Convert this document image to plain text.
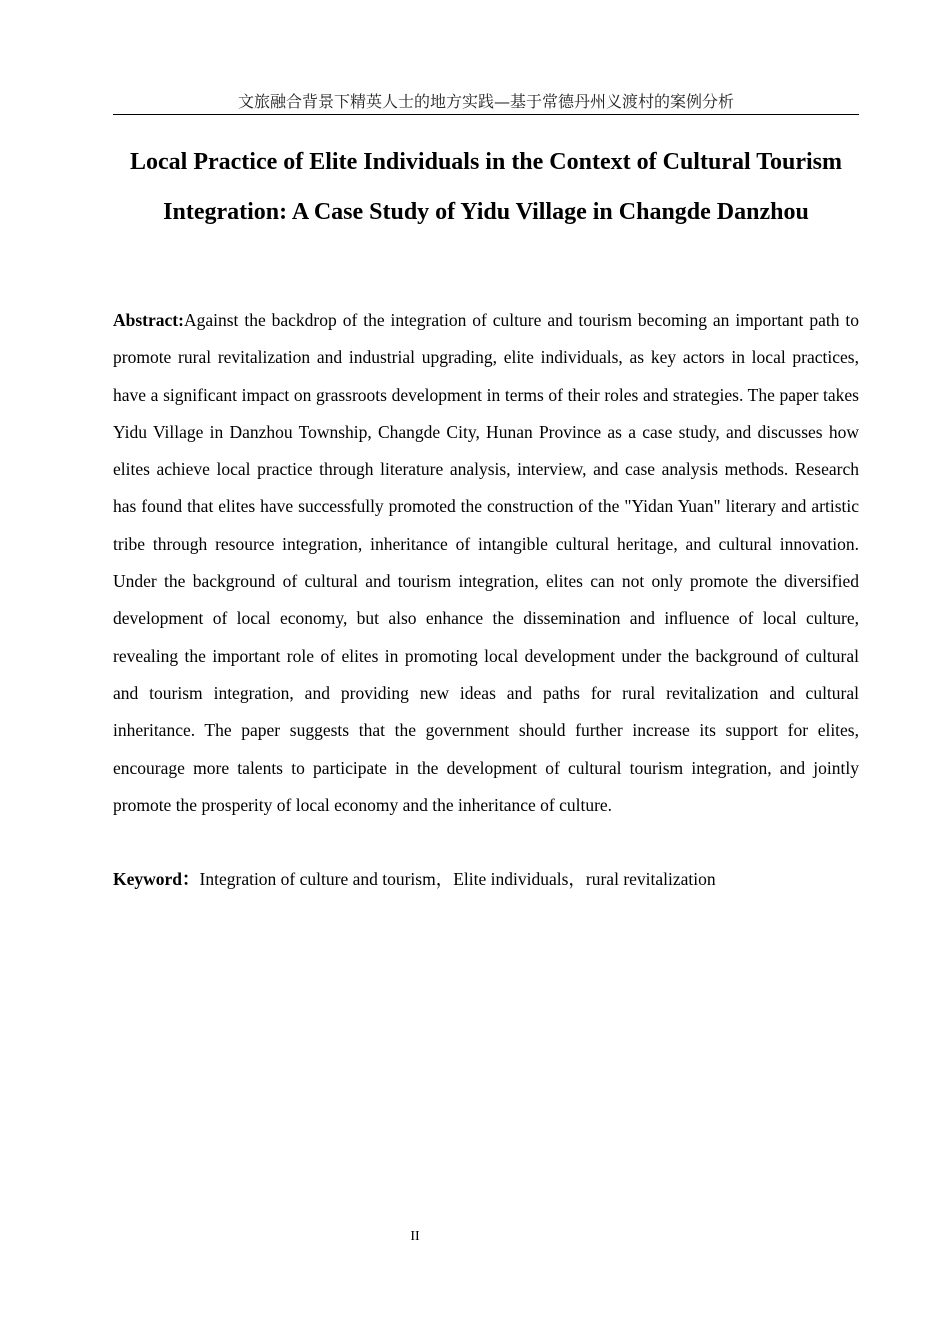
文旅融合背景下精英人士的地方实践—基于常德丹州义渡村的案例分析
Local Practice of Elite Individuals in the Context of Cultural Tourism Integration: A Case Study of Yidu Village in Changde Danzhou

Abstract:Against the backdrop of the integration of culture and tourism becoming an important path to promote rural revitalization and industrial upgrading, elite individuals, as key actors in local practices, have a significant impact on grassroots development in terms of their roles and strategies. The paper takes Yidu Village in Danzhou Township, Changde City, Hunan Province as a case study, and discusses how elites achieve local practice through literature analysis, interview, and case analysis methods. Research has found that elites have successfully promoted the construction of the "Yidan Yuan" literary and artistic tribe through resource integration, inheritance of intangible cultural heritage, and cultural innovation. Under the background of cultural and tourism integration, elites can not only promote the diversified development of local economy, but also enhance the dissemination and influence of local culture, revealing the important role of elites in promoting local development under the background of cultural and tourism integration, and providing new ideas and paths for rural revitalization and cultural inheritance. The paper suggests that the government should further increase its support for elites, encourage more talents to participate in the development of cultural tourism integration, and jointly promote the prosperity of local economy and the inheritance of culture.

Keyword：Integration of culture and tourism，Elite individuals，rural revitalization

II
